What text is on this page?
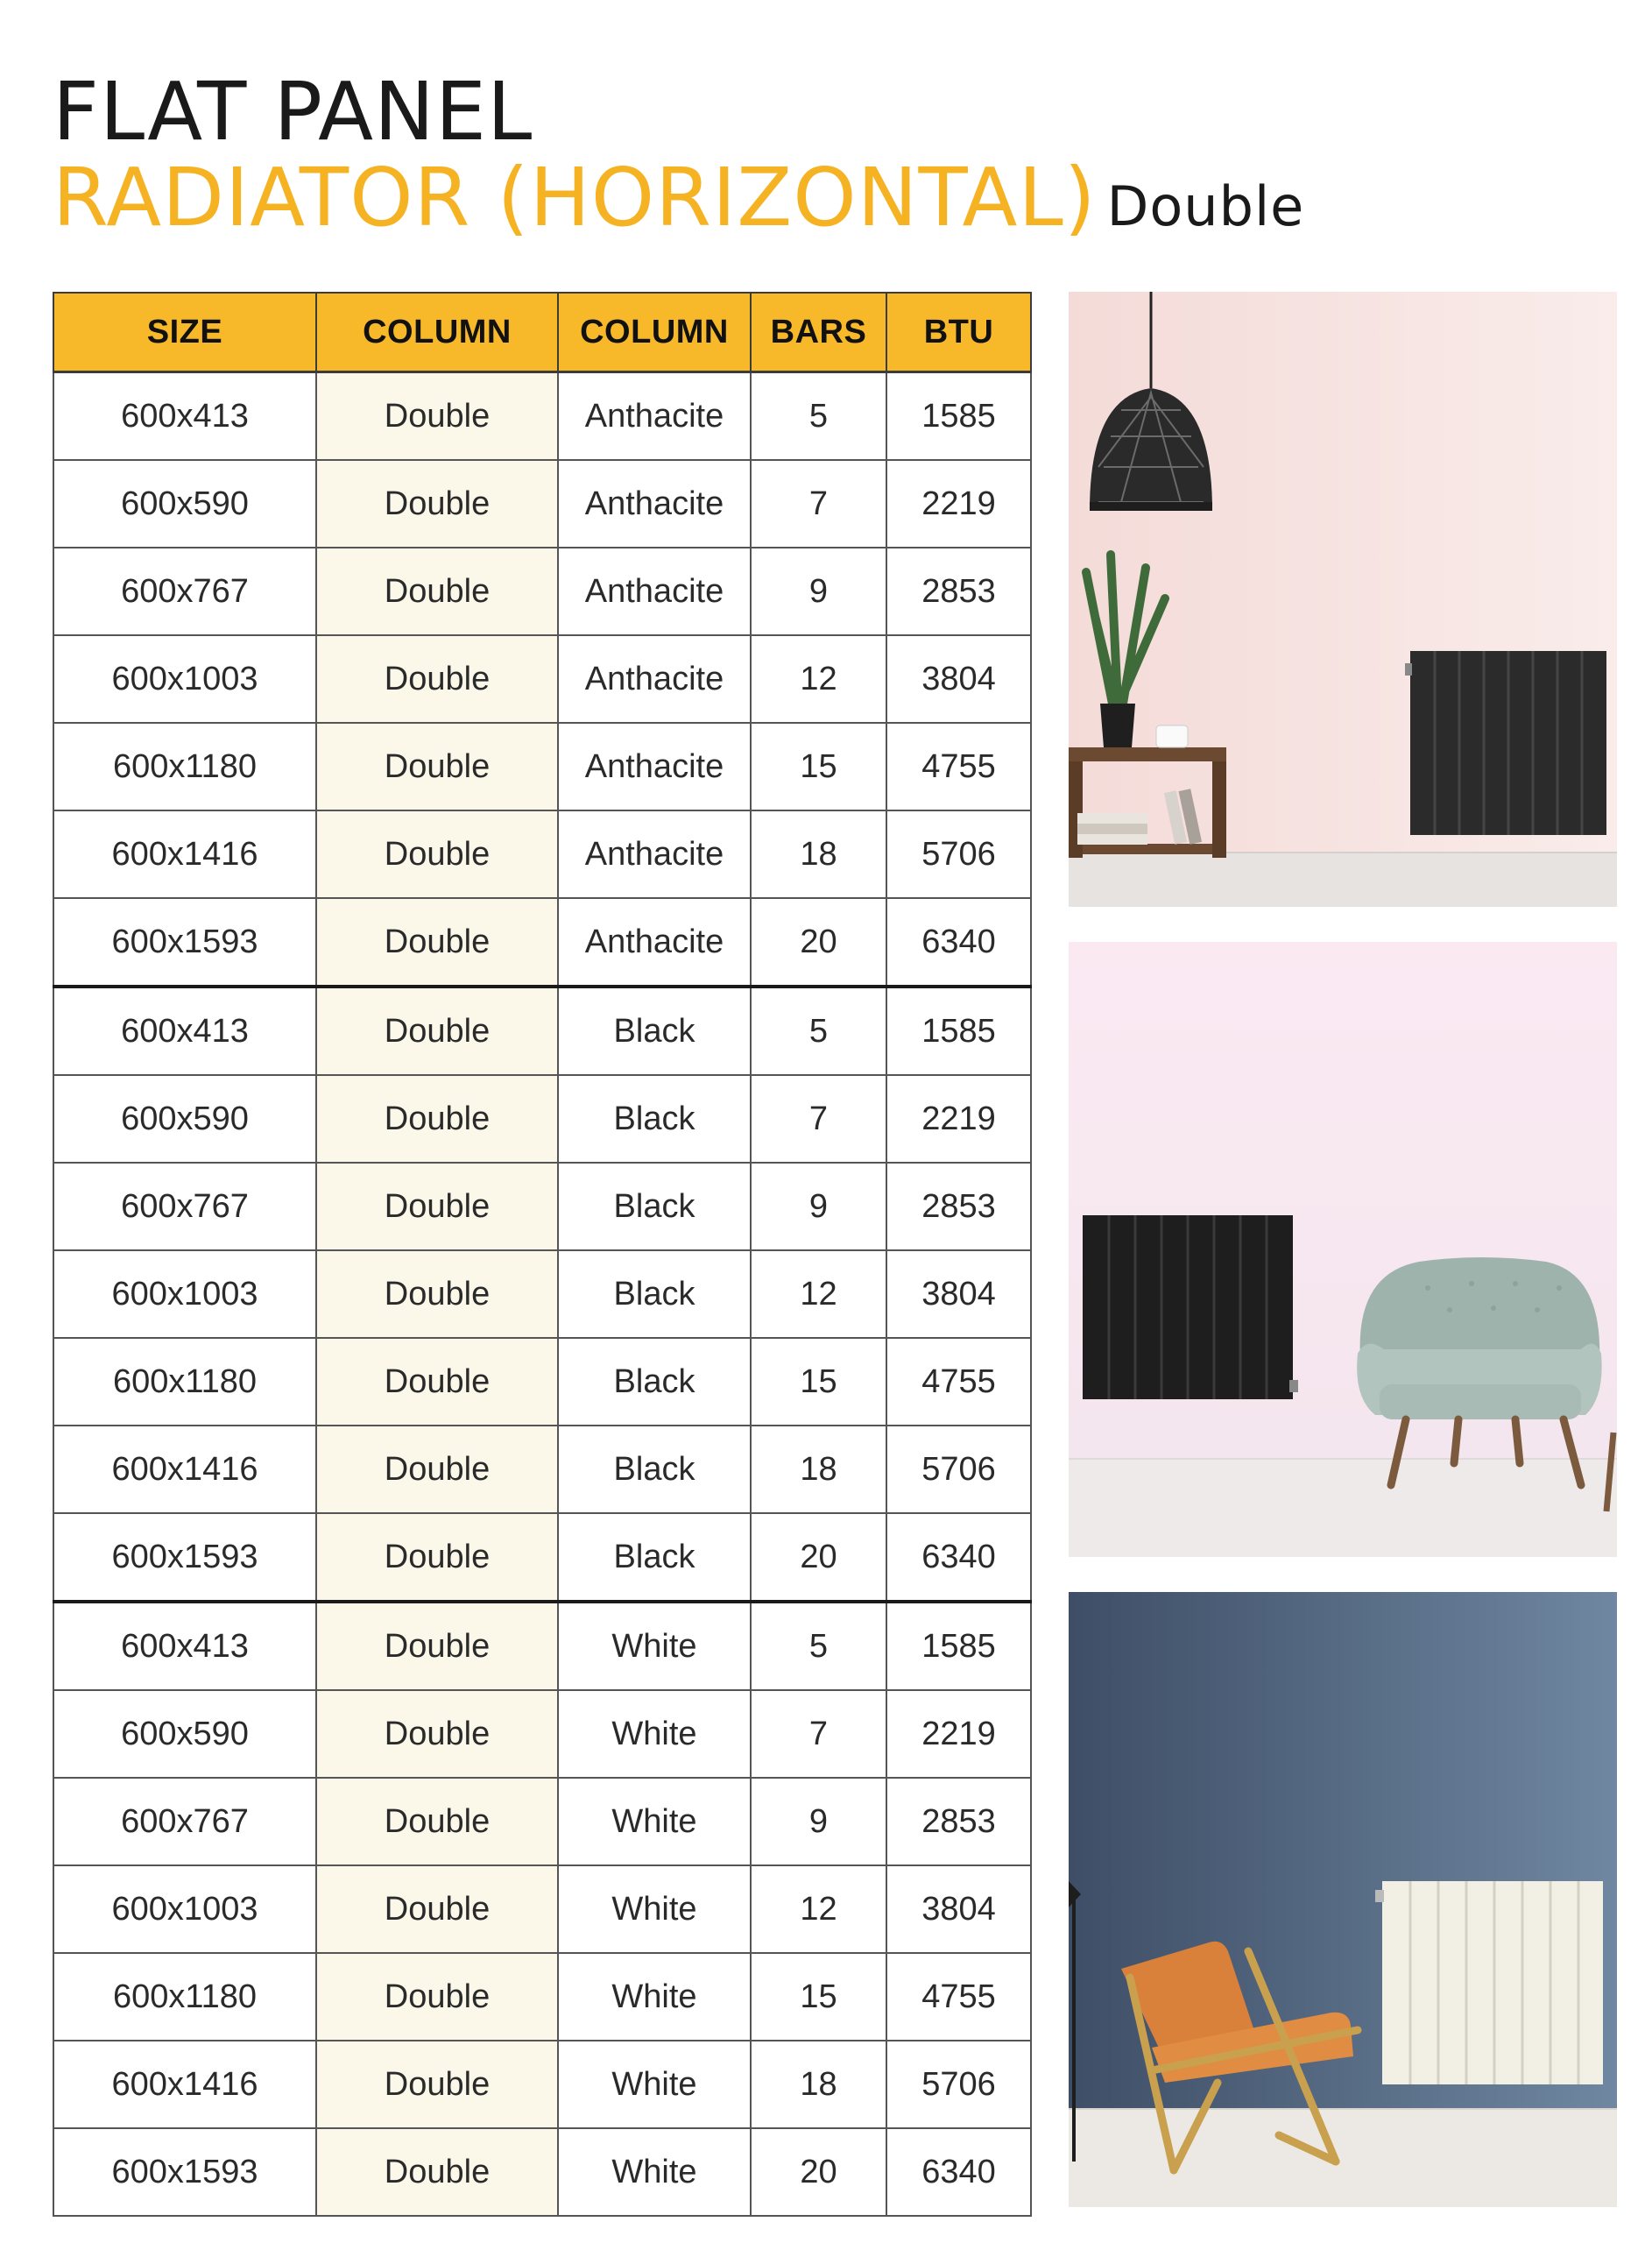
FLAT PANEL
RADIATOR (HORIZONTAL) Double
SIZE	COLUMN	COLUMN	BARS	BTU
600x413	Double	Anthacite	5	1585
600x590	Double	Anthacite	7	2219
600x767	Double	Anthacite	9	2853
600x1003	Double	Anthacite	12	3804
600x1180	Double	Anthacite	15	4755
600x1416	Double	Anthacite	18	5706
600x1593	Double	Anthacite	20	6340
600x413	Double	Black	5	1585
600x590	Double	Black	7	2219
600x767	Double	Black	9	2853
600x1003	Double	Black	12	3804
600x1180	Double	Black	15	4755
600x1416	Double	Black	18	5706
600x1593	Double	Black	20	6340
600x413	Double	White	5	1585
600x590	Double	White	7	2219
600x767	Double	White	9	2853
600x1003	Double	White	12	3804
600x1180	Double	White	15	4755
600x1416	Double	White	18	5706
600x1593	Double	White	20	6340
